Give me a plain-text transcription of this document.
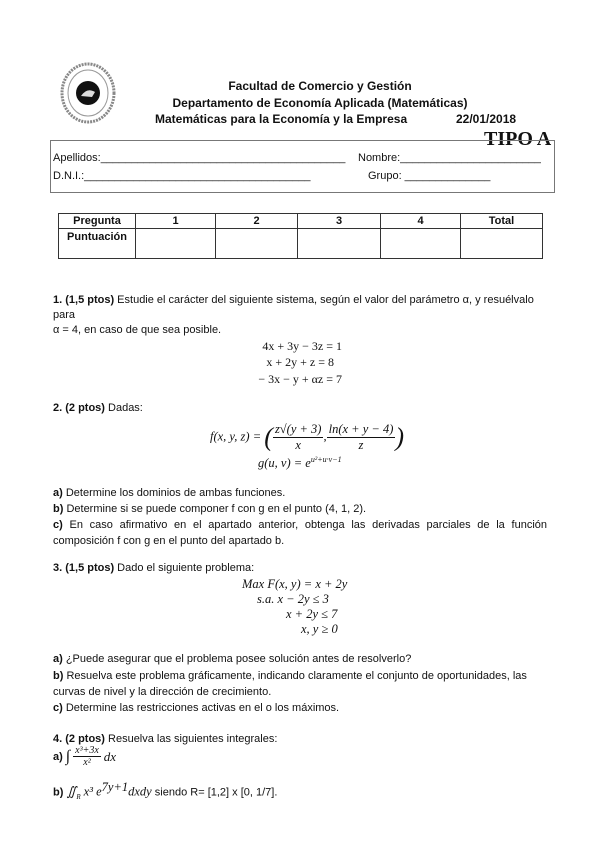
Facultad de Comercio y Gestión
Departamento de Economía Aplicada (Matemáticas)
Matemáticas para la Economía y la Empresa	22/01/2018
TIPO A
Apellidos:________________________________________ Nombre:_______________________
D.N.I.:_____________________________________	Grupo: ______________
Pregunta	1	2	3	4	Total
Puntuación					
1. (1,5 ptos) Estudie el carácter del siguiente sistema, según el valor del parámetro α, y resuélvalo
para
α = 4, en caso de que sea posible.
4x + 3y − 3z = 1
x + 2y + z = 8
− 3x − y + αz = 7
2. (2 ptos) Dadas:
f(x, y, z) = ( $\frac{z√(y + 3)}{x}$ , $\frac{\ln(x + y - 4)}{z}$ )
g(u, $v) = e^{u^2+u\cdot v-1}$
a) Determine los dominios de ambas funciones.
b) Determine si se puede componer f con g en el punto (4, 1, 2).
c) En caso afirmativo en el apartado anterior, obtenga las derivadas parciales de la función
composición f con g en el punto del apartado b.
3. (1,5 ptos) Dado el siguiente problema:
Max F(x, y) = x + 2y
s.a. x − 2y ≤ 3
x + 2y ≤ 7
x, y ≥ 0
a) ¿Puede asegurar que el problema posee solución antes de resolverlo?
b) Resuelva este problema gráficamente, indicando claramente el conjunto de oportunidades, las
curvas de nivel y la dirección de crecimiento.
c) Determine las restricciones activas en el o los máximos.
4. (2 ptos) Resuelva las siguientes integrales:
a) ∫ $\frac{\text{x³+3x}}{\text{x²}}$ dx
b) $∬_R$ x³ $e^{7y+1}dxdy$ siendo R= [1,2] x [0, 1/7].
